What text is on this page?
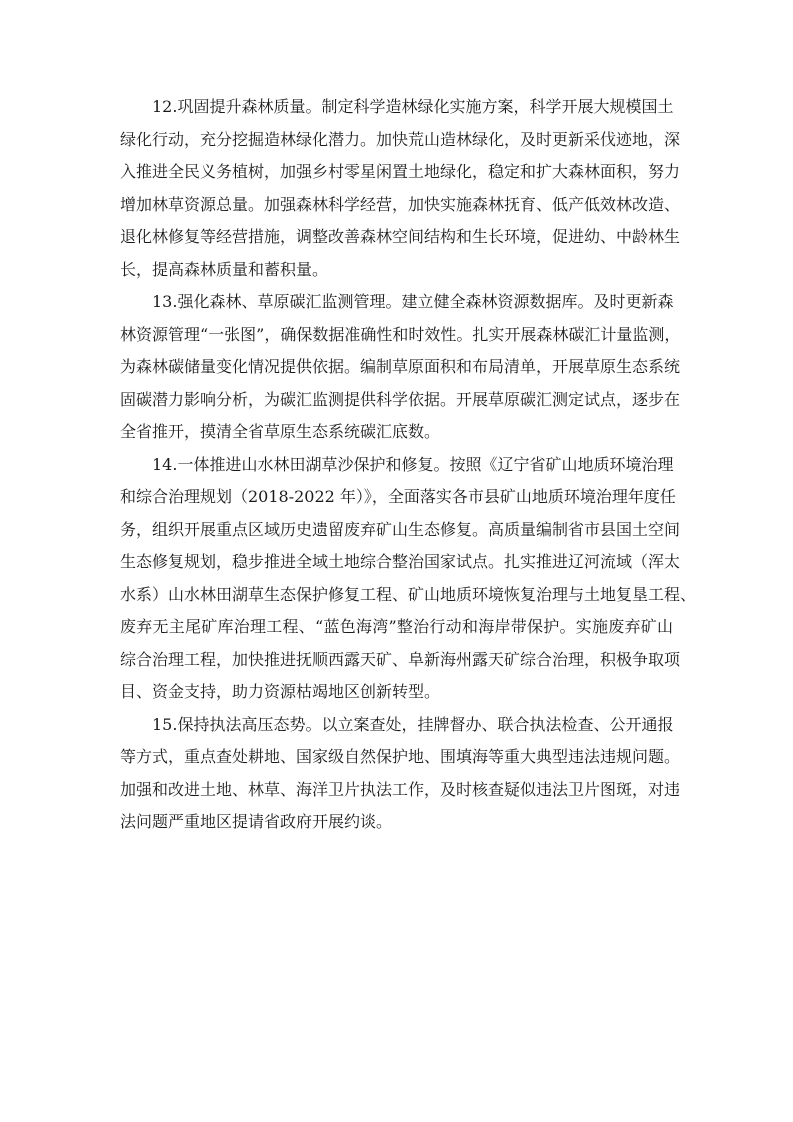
12.巩固提升森林质量。制定科学造林绿化实施方案，科学开展大规模国土
绿化行动，充分挖掘造林绿化潜力。加快荒山造林绿化，及时更新采伐迹地，深
入推进全民义务植树，加强乡村零星闲置土地绿化，稳定和扩大森林面积，努力
增加林草资源总量。加强森林科学经营，加快实施森林抚育、低产低效林改造、
退化林修复等经营措施，调整改善森林空间结构和生长环境，促进幼、中龄林生
长，提高森林质量和蓄积量。
13.强化森林、草原碳汇监测管理。建立健全森林资源数据库。及时更新森
林资源管理“一张图”，确保数据准确性和时效性。扎实开展森林碳汇计量监测，
为森林碳储量变化情况提供依据。编制草原面积和布局清单，开展草原生态系统
固碳潜力影响分析，为碳汇监测提供科学依据。开展草原碳汇测定试点，逐步在
全省推开，摸清全省草原生态系统碳汇底数。
14.一体推进山水林田湖草沙保护和修复。按照《辽宁省矿山地质环境治理
和综合治理规划（2018-2022 年）》，全面落实各市县矿山地质环境治理年度任
务，组织开展重点区域历史遗留废弃矿山生态修复。高质量编制省市县国土空间
生态修复规划，稳步推进全域土地综合整治国家试点。扎实推进辽河流域（浑太
水系）山水林田湖草生态保护修复工程、矿山地质环境恢复治理与土地复垦工程、
废弃无主尾矿库治理工程、“蓝色海湾”整治行动和海岸带保护。实施废弃矿山
综合治理工程，加快推进抚顺西露天矿、阜新海州露天矿综合治理，积极争取项
目、资金支持，助力资源枯竭地区创新转型。
15.保持执法高压态势。以立案查处，挂牌督办、联合执法检查、公开通报
等方式，重点查处耕地、国家级自然保护地、围填海等重大典型违法违规问题。
加强和改进土地、林草、海洋卫片执法工作，及时核查疑似违法卫片图斑，对违
法问题严重地区提请省政府开展约谈。
